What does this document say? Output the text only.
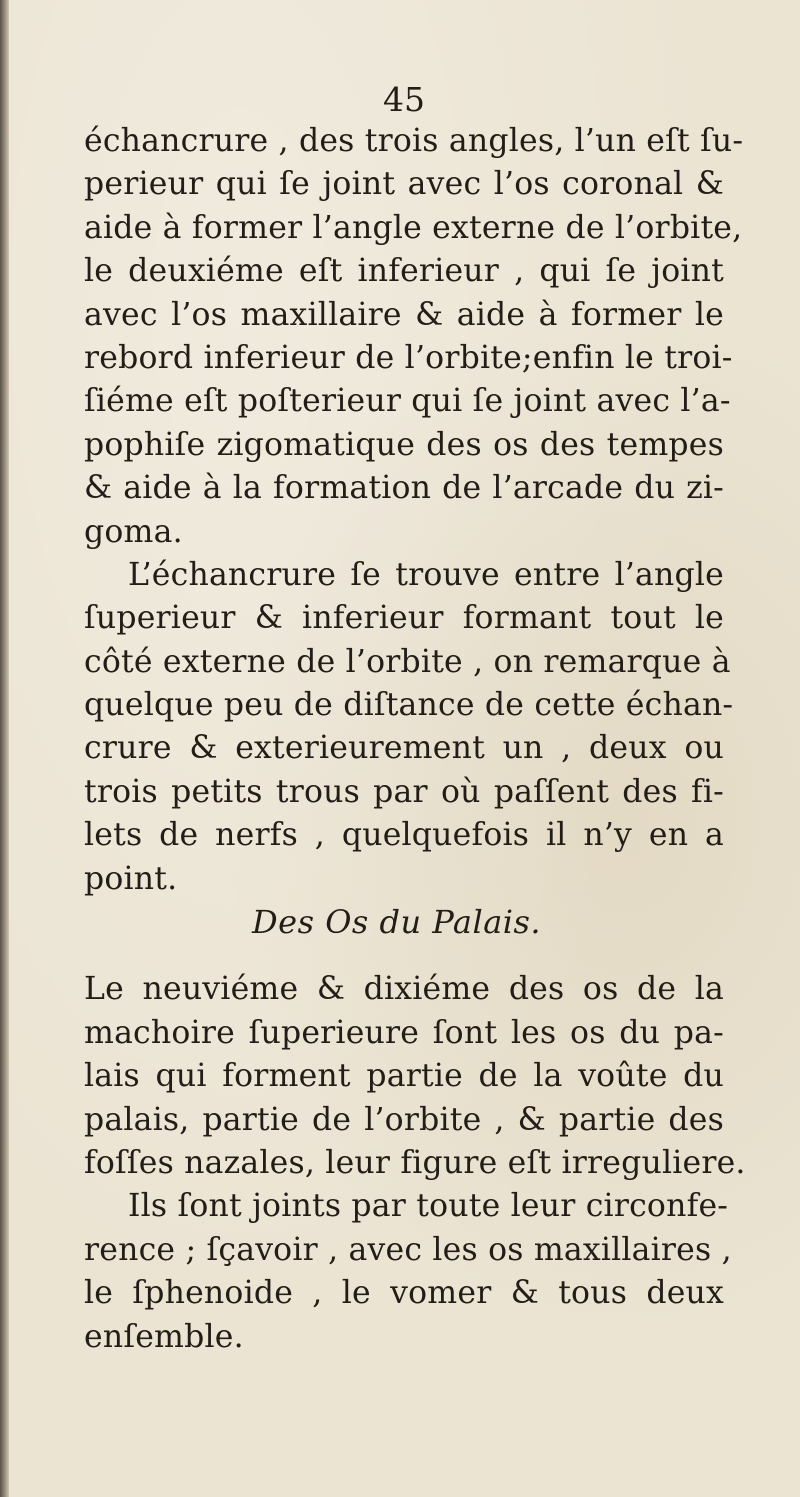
45
échancrure , des trois angles, l’un eſt ſu-
perieur qui ſe joint avec l’os coronal &
aide à former l’angle externe de l’orbite,
le deuxiéme eſt inferieur , qui ſe joint
avec l’os maxillaire & aide à former le
rebord inferieur de l’orbite;enfin le troi-
ſiéme eſt poſterieur qui ſe joint avec l’a-
pophiſe zigomatique des os des tempes
& aide à la formation de l’arcade du zi-
goma.
L’échancrure ſe trouve entre l’angle
ſuperieur & inferieur formant tout le
côté externe de l’orbite , on remarque à
quelque peu de diſtance de cette échan-
crure & exterieurement un , deux ou
trois petits trous par où paſſent des fi-
lets de nerfs , quelquefois il n’y en a
point.
Des Os du Palais.
Le neuviéme & dixiéme des os de la
machoire ſuperieure ſont les os du pa-
lais qui forment partie de la voûte du
palais, partie de l’orbite , & partie des
foſſes nazales, leur figure eſt irreguliere.
Ils ſont joints par toute leur circonfe-
rence ; ſçavoir , avec les os maxillaires ,
le ſphenoide , le vomer & tous deux
enſemble.
